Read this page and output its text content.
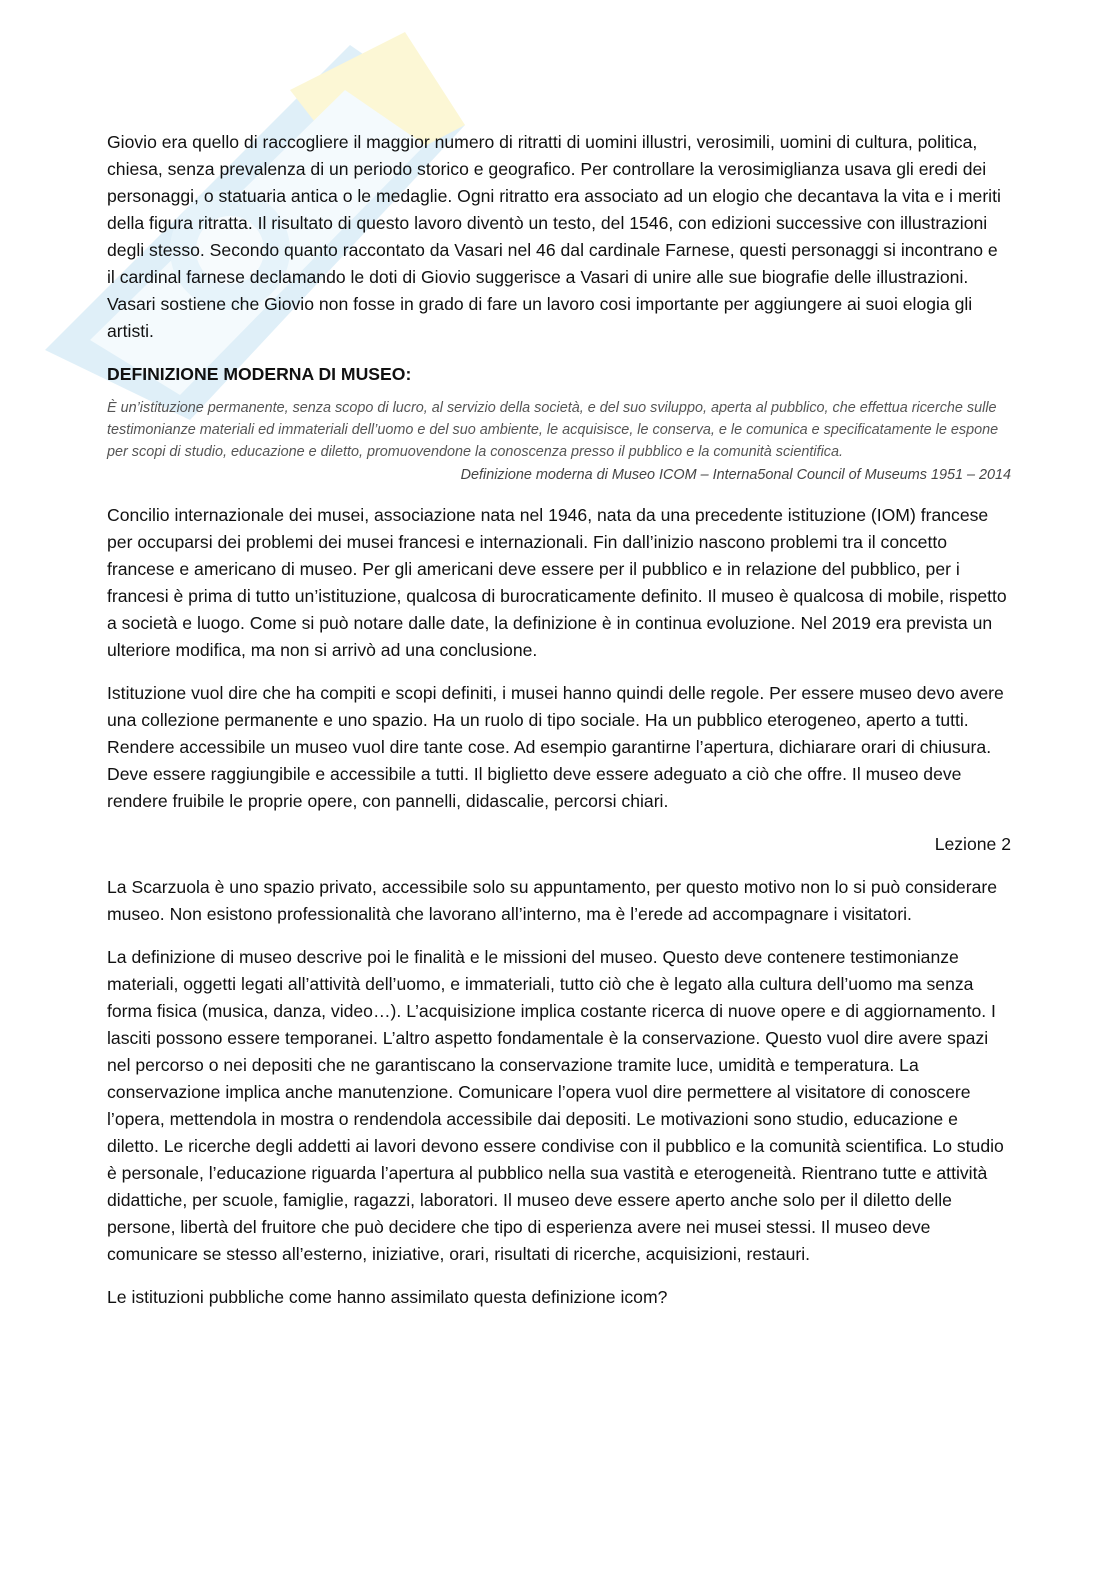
Giovio era quello di raccogliere il maggior numero di ritratti di uomini illustri, verosimili, uomini di cultura, politica, chiesa, senza prevalenza di un periodo storico e geografico. Per controllare la verosimiglianza usava gli eredi dei personaggi, o statuaria antica o le medaglie. Ogni ritratto era associato ad un elogio che decantava la vita e i meriti della figura ritratta. Il risultato di questo lavoro diventò un testo, del 1546, con edizioni successive con illustrazioni degli stesso. Secondo quanto raccontato da Vasari nel 46 dal cardinale Farnese, questi personaggi si incontrano e il cardinal farnese declamando le doti di Giovio suggerisce a Vasari di unire alle sue biografie delle illustrazioni. Vasari sostiene che Giovio non fosse in grado di fare un lavoro cosi importante per aggiungere ai suoi elogia gli artisti.

DEFINIZIONE MODERNA DI MUSEO:
È un’istituzione permanente, senza scopo di lucro, al servizio della società, e del suo sviluppo, aperta al pubblico, che effettua ricerche sulle testimonianze materiali ed immateriali dell’uomo e del suo ambiente, le acquisisce, le conserva, e le comunica e specificatamente le espone per scopi di studio, educazione e diletto, promuovendone la conoscenza presso il pubblico e la comunità scientifica.
Definizione moderna di Museo ICOM – Interna5onal Council of Museums 1951 – 2014

Concilio internazionale dei musei, associazione nata nel 1946, nata da una precedente istituzione (IOM) francese per occuparsi dei problemi dei musei francesi e internazionali. Fin dall’inizio nascono problemi tra il concetto francese e americano di museo. Per gli americani deve essere per il pubblico e in relazione del pubblico, per i francesi è prima di tutto un’istituzione, qualcosa di burocraticamente definito. Il museo è qualcosa di mobile, rispetto a società e luogo. Come si può notare dalle date, la definizione è in continua evoluzione. Nel 2019 era prevista un ulteriore modifica, ma non si arrivò ad una conclusione.

Istituzione vuol dire che ha compiti e scopi definiti, i musei hanno quindi delle regole. Per essere museo devo avere una collezione permanente e uno spazio. Ha un ruolo di tipo sociale. Ha un pubblico eterogeneo, aperto a tutti. Rendere accessibile un museo vuol dire tante cose. Ad esempio garantirne l’apertura, dichiarare orari di chiusura. Deve essere raggiungibile e accessibile a tutti. Il biglietto deve essere adeguato a ciò che offre. Il museo deve rendere fruibile le proprie opere, con pannelli, didascalie, percorsi chiari.

Lezione 2

La Scarzuola è uno spazio privato, accessibile solo su appuntamento, per questo motivo non lo si può considerare museo. Non esistono professionalità che lavorano all’interno, ma è l’erede ad accompagnare i visitatori.

La definizione di museo descrive poi le finalità e le missioni del museo. Questo deve contenere testimonianze materiali, oggetti legati all’attività dell’uomo, e immateriali, tutto ciò che è legato alla cultura dell’uomo ma senza forma fisica (musica, danza, video…). L’acquisizione implica costante ricerca di nuove opere e di aggiornamento. I lasciti possono essere temporanei. L’altro aspetto fondamentale è la conservazione. Questo vuol dire avere spazi nel percorso o nei depositi che ne garantiscano la conservazione tramite luce, umidità e temperatura. La conservazione implica anche manutenzione. Comunicare l’opera vuol dire permettere al visitatore di conoscere l’opera, mettendola in mostra o rendendola accessibile dai depositi. Le motivazioni sono studio, educazione e diletto. Le ricerche degli addetti ai lavori devono essere condivise con il pubblico e la comunità scientifica. Lo studio è personale, l’educazione riguarda l’apertura al pubblico nella sua vastità e eterogeneità. Rientrano tutte e attività didattiche, per scuole, famiglie, ragazzi, laboratori. Il museo deve essere aperto anche solo per il diletto delle persone, libertà del fruitore che può decidere che tipo di esperienza avere nei musei stessi. Il museo deve comunicare se stesso all’esterno, iniziative, orari, risultati di ricerche, acquisizioni, restauri.

Le istituzioni pubbliche come hanno assimilato questa definizione icom?
